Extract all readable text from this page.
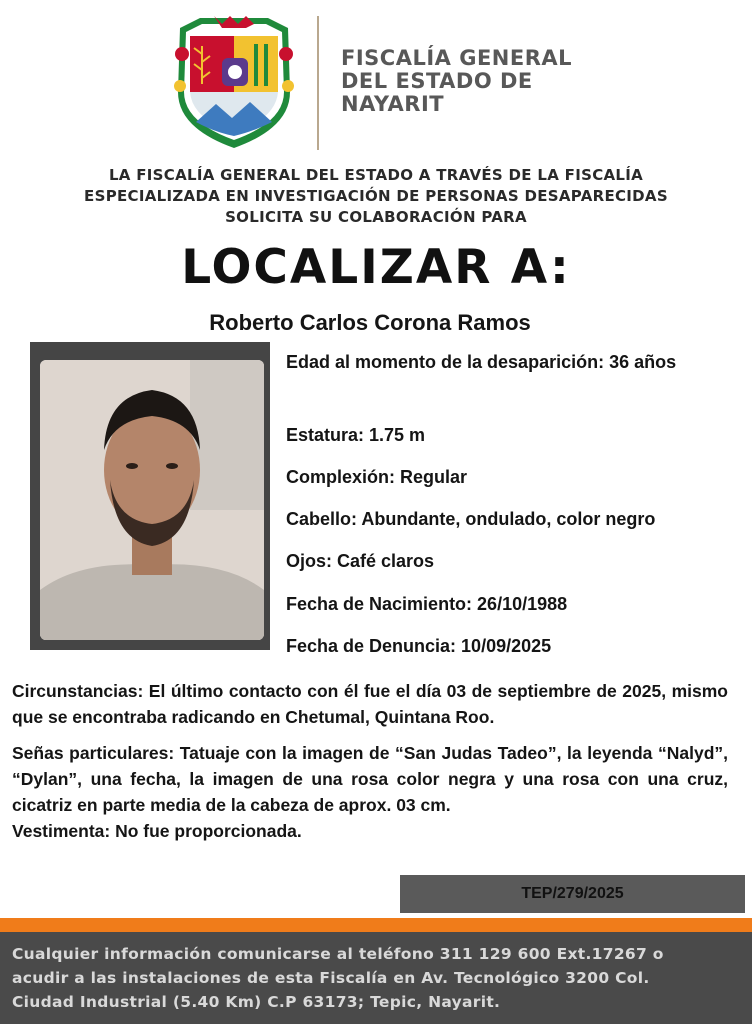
FISCALÍA GENERAL
DEL ESTADO DE
NAYARIT
LA FISCALÍA GENERAL DEL ESTADO A TRAVÉS DE LA FISCALÍA
ESPECIALIZADA EN INVESTIGACIÓN DE PERSONAS DESAPARECIDAS
SOLICITA SU COLABORACIÓN PARA
LOCALIZAR A:
Roberto Carlos Corona Ramos
Edad al momento de la desaparición: 36 años
Estatura: 1.75 m
Complexión: Regular
Cabello: Abundante, ondulado, color negro
Ojos: Café claros
Fecha de Nacimiento: 26/10/1988
Fecha de Denuncia: 10/09/2025
Circunstancias: El último contacto con él fue el día 03 de septiembre de 2025, mismo que se encontraba radicando en Chetumal, Quintana Roo.
Señas particulares: Tatuaje con la imagen de “San Judas Tadeo”, la leyenda “Nalyd”, “Dylan”, una fecha, la imagen de una rosa color negra y una rosa con una cruz, cicatriz en parte media de la cabeza de aprox. 03 cm.
Vestimenta: No fue proporcionada.
TEP/279/2025
Cualquier información comunicarse al teléfono 311 129 600 Ext.17267 o
acudir a las instalaciones de esta Fiscalía en Av. Tecnológico 3200 Col.
Ciudad Industrial (5.40 Km) C.P 63173; Tepic, Nayarit.
